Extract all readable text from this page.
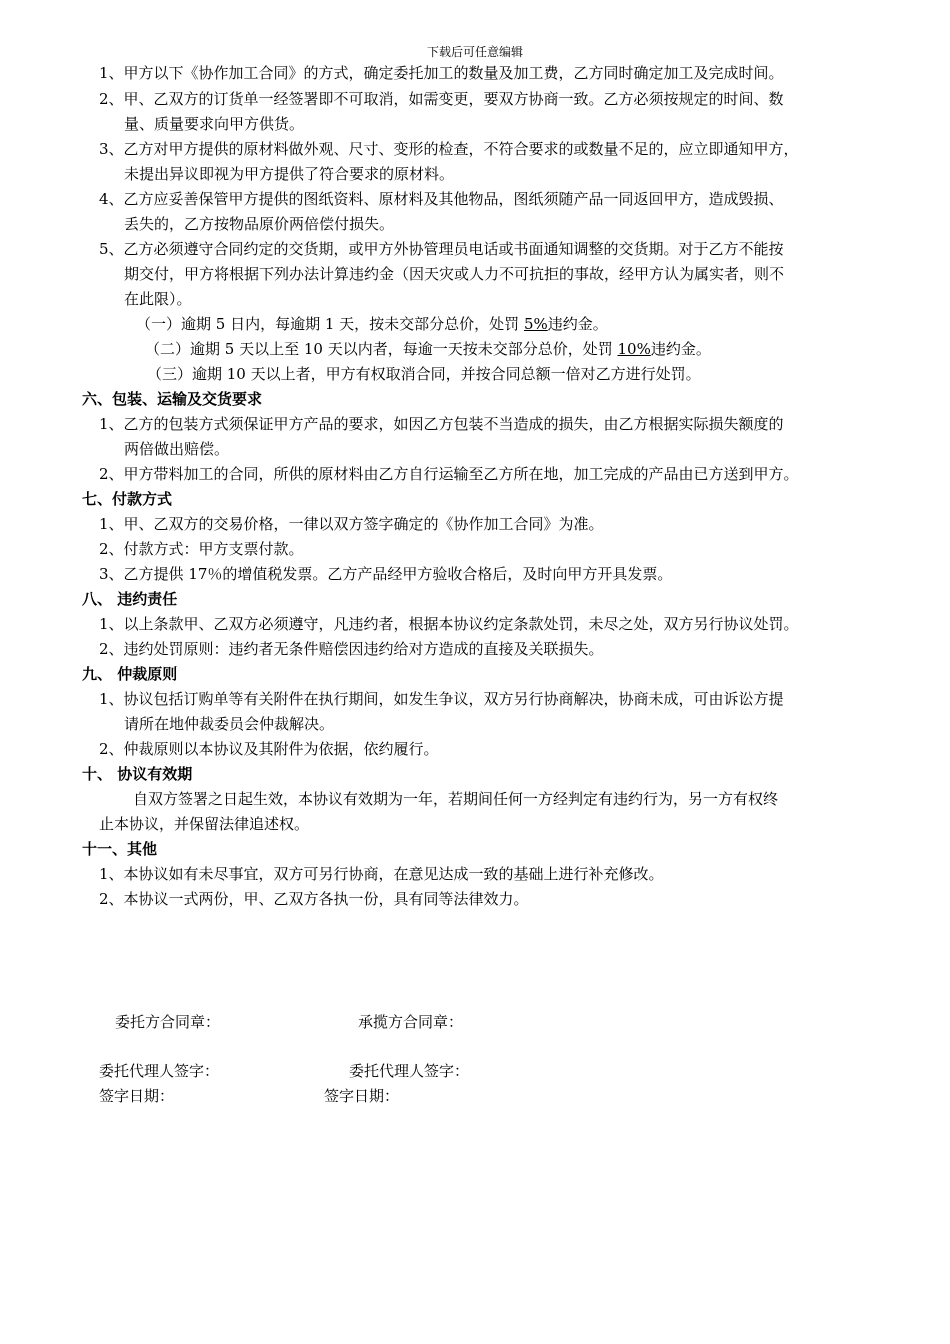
下载后可任意编辑
1、甲方以下《协作加工合同》的方式，确定委托加工的数量及加工费，乙方同时确定加工及完成时间。
2、甲、乙双方的订货单一经签署即不可取消，如需变更，要双方协商一致。乙方必须按规定的时间、数
量、质量要求向甲方供货。
3、乙方对甲方提供的原材料做外观、尺寸、变形的检查，不符合要求的或数量不足的，应立即通知甲方，
未提出异议即视为甲方提供了符合要求的原材料。
4、乙方应妥善保管甲方提供的图纸资料、原材料及其他物品，图纸须随产品一同返回甲方，造成毁损、
丢失的，乙方按物品原价两倍偿付损失。
5、乙方必须遵守合同约定的交货期，或甲方外协管理员电话或书面通知调整的交货期。对于乙方不能按
期交付，甲方将根据下列办法计算违约金（因天灾或人力不可抗拒的事故，经甲方认为属实者，则不
在此限）。
（一）逾期 5 日内，每逾期 1 天，按未交部分总价，处罚 5%违约金。
（二）逾期 5 天以上至 10 天以内者，每逾一天按未交部分总价，处罚 10%违约金。
（三）逾期 10 天以上者，甲方有权取消合同，并按合同总额一倍对乙方进行处罚。
六、包装、运输及交货要求
1、乙方的包装方式须保证甲方产品的要求，如因乙方包装不当造成的损失，由乙方根据实际损失额度的
两倍做出赔偿。
2、甲方带料加工的合同，所供的原材料由乙方自行运输至乙方所在地，加工完成的产品由已方送到甲方。
七、付款方式
1、甲、乙双方的交易价格，一律以双方签字确定的《协作加工合同》为准。
2、付款方式：甲方支票付款。
3、乙方提供 17％的增值税发票。乙方产品经甲方验收合格后，及时向甲方开具发票。
八、 违约责任
1、以上条款甲、乙双方必须遵守，凡违约者，根据本协议约定条款处罚，未尽之处，双方另行协议处罚。
2、违约处罚原则：违约者无条件赔偿因违约给对方造成的直接及关联损失。
九、 仲裁原则
1、协议包括订购单等有关附件在执行期间，如发生争议，双方另行协商解决，协商未成，可由诉讼方提
请所在地仲裁委员会仲裁解决。
2、仲裁原则以本协议及其附件为依据，依约履行。
十、 协议有效期
自双方签署之日起生效，本协议有效期为一年，若期间任何一方经判定有违约行为，另一方有权终
止本协议，并保留法律追述权。
十一、其他
1、本协议如有未尽事宜，双方可另行协商，在意见达成一致的基础上进行补充修改。
2、本协议一式两份，甲、乙双方各执一份，具有同等法律效力。
委托方合同章：	承揽方合同章：
委托代理人签字：	委托代理人签字：
签字日期：	签字日期：
